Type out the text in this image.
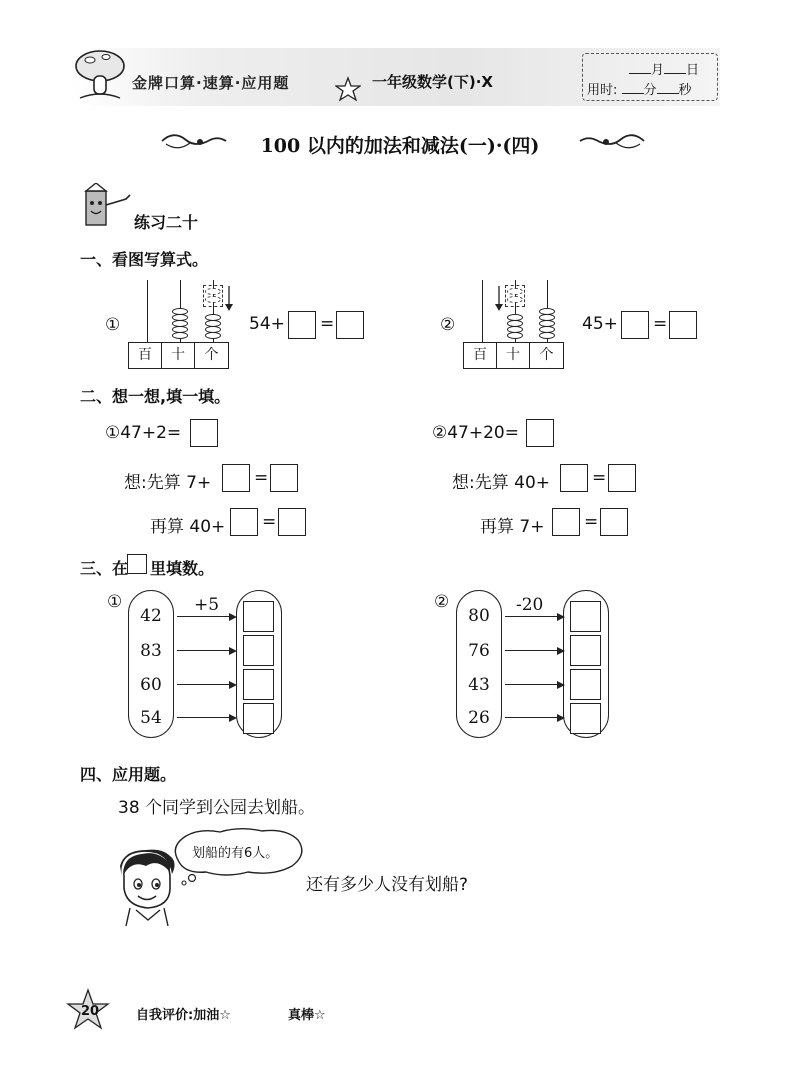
金牌口算·速算·应用题	一年级数学(下)·X
月 日
用时: 分 秒
100 以内的加法和减法(一)·(四)
练习二十
一、看图写算式。
①
百	十	个
54+ =	②
百	十	个
45+ =
二、想一想,填一填。
①47+2=
想:先算 7+	=
再算 40+ =
②47+20=
想:先算 40+ =
再算 7+ =
三、在 里填数。
①
42
83
60
54
+5	②
80
76
43
26
-20
四、应用题。
38 个同学到公园去划船。
划船的有6人。
还有多少人没有划船?
20	自我评价:加油☆	真棒☆
